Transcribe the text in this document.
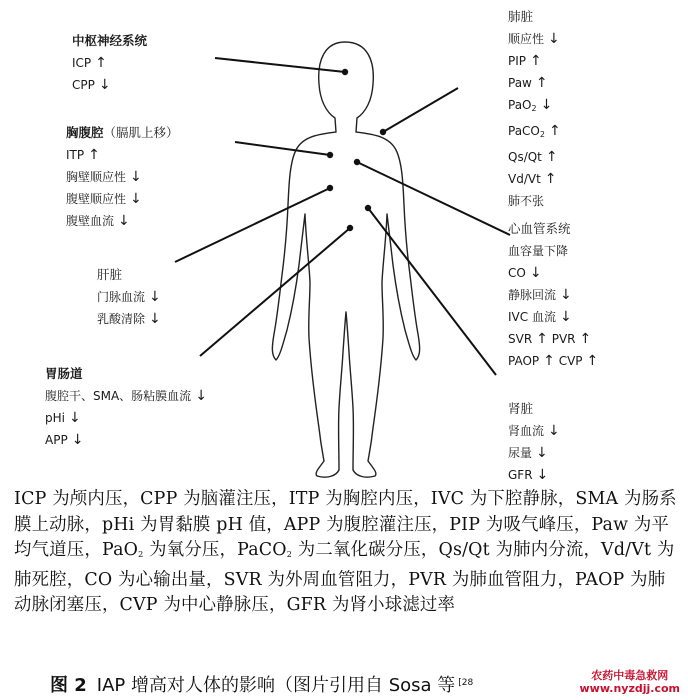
中枢神经系统
ICP ↑
CPP ↓
胸腹腔（膈肌上移）
ITP ↑
胸壁顺应性 ↓
腹壁顺应性 ↓
腹壁血流 ↓
肝脏
门脉血流 ↓
乳酸清除 ↓
胃肠道
腹腔干、SMA、肠粘膜血流 ↓
pHi ↓
APP ↓
肺脏
顺应性 ↓
PIP ↑
Paw ↑
PaO$_2$ ↓
PaCO$_2$ ↑
Qs/Qt ↑
Vd/Vt ↑
肺不张
心血管系统
血容量下降
CO ↓
静脉回流 ↓
IVC 血流 ↓
SVR ↑ PVR ↑
PAOP ↑ CVP ↑
肾脏
肾血流 ↓
尿量 ↓
GFR ↓
ICP 为颅内压，CPP 为脑灌注压，ITP 为胸腔内压，IVC 为下腔静脉，SMA 为肠系膜上动脉，pHi 为胃黏膜 pH 值，APP 为腹腔灌注压，PIP 为吸气峰压，Paw 为平均气道压，PaO$_2$ 为氧分压，PaCO$_2$ 为二氧化碳分压，Qs/Qt 为肺内分流，Vd/Vt 为肺死腔，CO 为心输出量，SVR 为外周血管阻力，PVR 为肺血管阻力，PAOP 为肺动脉闭塞压，CVP 为中心静脉压，GFR 为肾小球滤过率
图 2 IAP 增高对人体的影响（图片引用自 Sosa 等 $^{[28}$
农药中毒急救网
www.nyzdjj.com
